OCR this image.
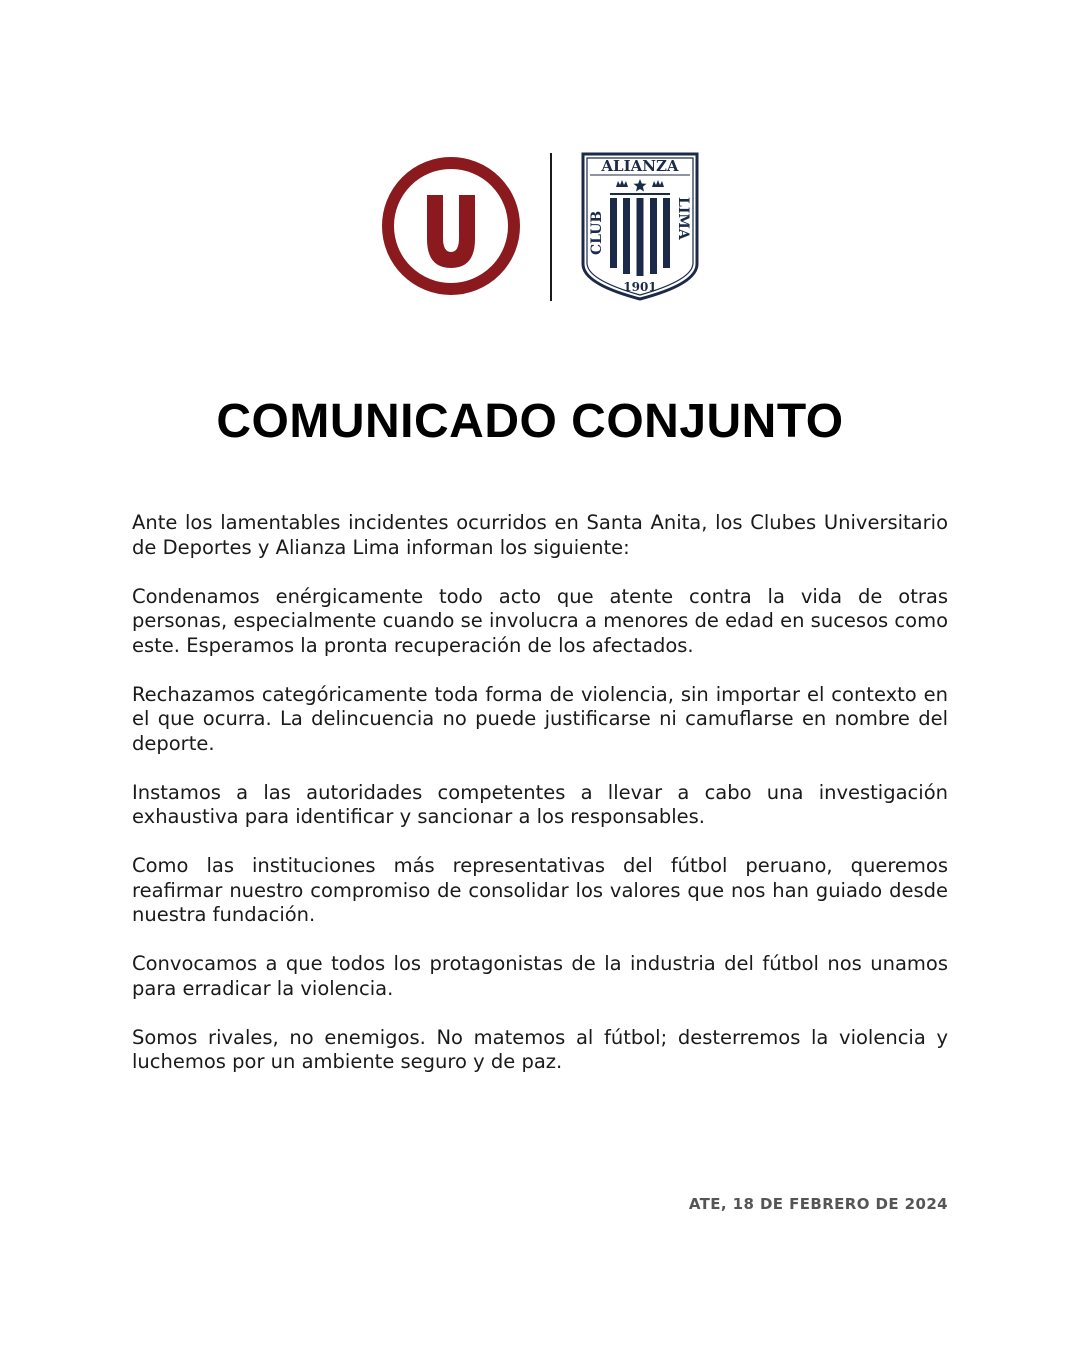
ALIANZA
CLUB	LIMA
1901
COMUNICADO CONJUNTO

Ante los lamentables incidentes ocurridos en Santa Anita, los Clubes Universitario de Deportes y Alianza Lima informan los siguiente:

Condenamos enérgicamente todo acto que atente contra la vida de otras personas, especialmente cuando se involucra a menores de edad en sucesos como este. Esperamos la pronta recuperación de los afectados.

Rechazamos categóricamente toda forma de violencia, sin importar el contexto en el que ocurra. La delincuencia no puede justificarse ni camuflarse en nombre del deporte.

Instamos a las autoridades competentes a llevar a cabo una investigación exhaustiva para identificar y sancionar a los responsables.

Como las instituciones más representativas del fútbol peruano, queremos reafirmar nuestro compromiso de consolidar los valores que nos han guiado desde nuestra fundación.

Convocamos a que todos los protagonistas de la industria del fútbol nos unamos para erradicar la violencia.

Somos rivales, no enemigos. No matemos al fútbol; desterremos la violencia y luchemos por un ambiente seguro y de paz.

ATE, 18 DE FEBRERO DE 2024
